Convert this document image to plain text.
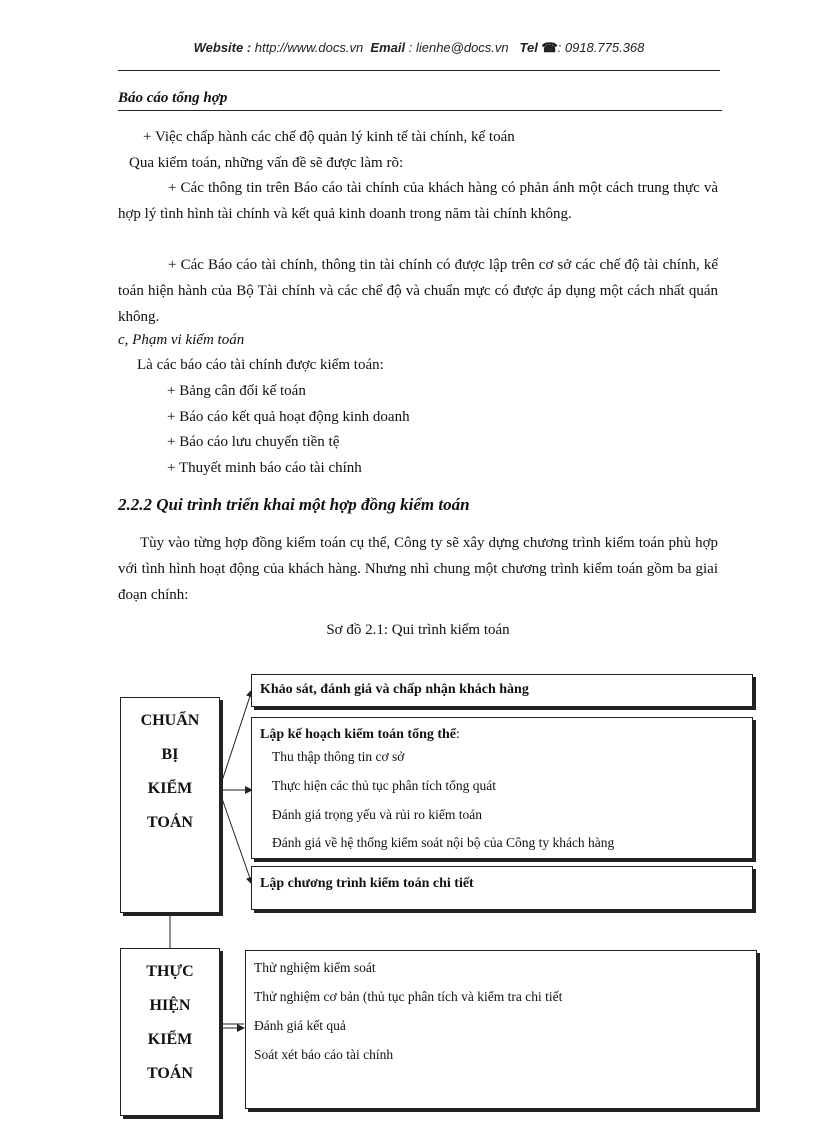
Website : http://www.docs.vn Email : lienhe@docs.vn Tel ☎: 0918.775.368
Báo cáo tổng hợp
+ Việc chấp hành các chế độ quản lý kinh tế tài chính, kế toán
Qua kiểm toán, những vấn đề sẽ được làm rõ:
+ Các thông tin trên Báo cáo tài chính của khách hàng có phản ánh một cách trung thực và hợp lý tình hình tài chính và kết quả kinh doanh trong năm tài chính không.
+ Các Báo cáo tài chính, thông tin tài chính có được lập trên cơ sở các chế độ tài chính, kế toán hiện hành của Bộ Tài chính và các chế độ và chuẩn mực có được áp dụng một cách nhất quán không.
c, Phạm vi kiểm toán
Là các báo cáo tài chính được kiểm toán:
+ Bảng cân đối kế toán
+ Báo cáo kết quả hoạt động kinh doanh
+ Báo cáo lưu chuyển tiền tệ
+ Thuyết minh báo cáo tài chính
2.2.2 Qui trình triển khai một hợp đồng kiểm toán
Tùy vào từng hợp đồng kiểm toán cụ thể, Công ty sẽ xây dựng chương trình kiểm toán phù hợp với tình hình hoạt động của khách hàng. Nhưng nhì chung một chương trình kiểm toán gồm ba giai đoạn chính:
Sơ đồ 2.1: Qui trình kiểm toán
CHUẨN
BỊ
KIỂM
TOÁN
Khảo sát, đánh giá và chấp nhận khách hàng
Lập kế hoạch kiểm toán tổng thể:
Thu thập thông tin cơ sở
Thực hiện các thủ tục phân tích tổng quát
Đánh giá trọng yếu và rủi ro kiểm toán
Đánh giá về hệ thống kiểm soát nội bộ của Công ty khách hàng
Lập chương trình kiểm toán chi tiết
THỰC
HIỆN
KIỂM
TOÁN
Thử nghiệm kiểm soát
Thử nghiệm cơ bản (thủ tục phân tích và kiểm tra chi tiết
Đánh giá kết quả
Soát xét báo cáo tài chính
